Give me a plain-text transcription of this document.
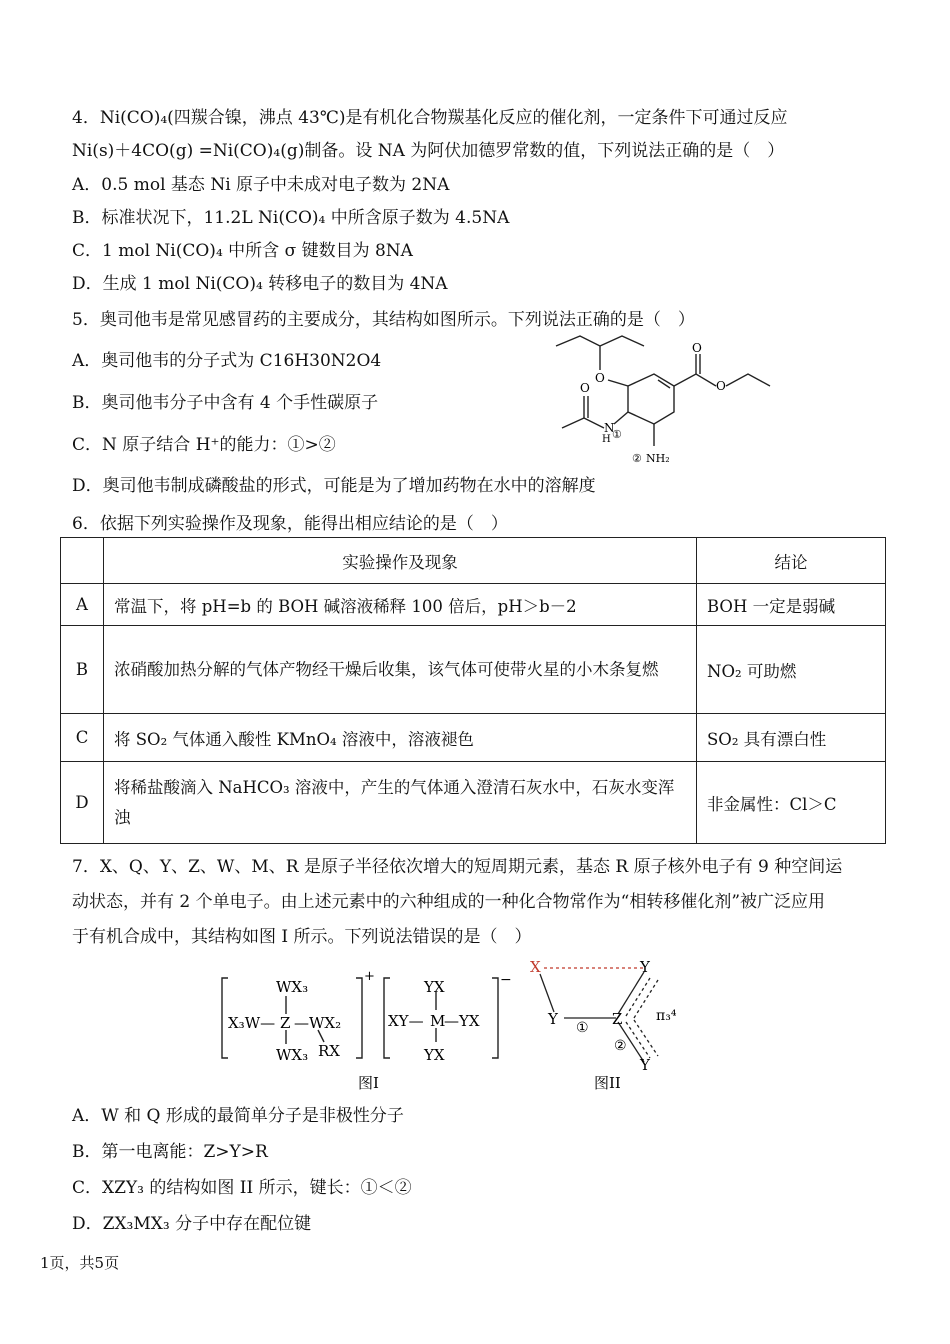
4．Ni(CO)₄(四羰合镍，沸点 43℃)是有机化合物羰基化反应的催化剂，一定条件下可通过反应
Ni(s)＋4CO(g) =Ni(CO)₄(g)制备。设 NA 为阿伏加德罗常数的值，下列说法正确的是（　）
A．0.5 mol 基态 Ni 原子中未成对电子数为 2NA
B．标准状况下，11.2L Ni(CO)₄ 中所含原子数为 4.5NA
C．1 mol Ni(CO)₄ 中所含 σ 键数目为 8NA
D．生成 1 mol Ni(CO)₄ 转移电子的数目为 4NA
5．奥司他韦是常见感冒药的主要成分，其结构如图所示。下列说法正确的是（　）
A．奥司他韦的分子式为 C16H30N2O4
B．奥司他韦分子中含有 4 个手性碳原子
C．N 原子结合 H⁺的能力：①>②
D．奥司他韦制成磷酸盐的形式，可能是为了增加药物在水中的溶解度
O
O
O
O
N
H ①
② NH₂
6．依据下列实验操作及现象，能得出相应结论的是（　）
	实验操作及现象	结论
A	常温下，将 pH=b 的 BOH 碱溶液稀释 100 倍后，pH＞b－2	BOH 一定是弱碱
B	浓硝酸加热分解的气体产物经干燥后收集，该气体可使带火星的小木条复燃	NO₂ 可助燃
C	将 SO₂ 气体通入酸性 KMnO₄ 溶液中，溶液褪色	SO₂ 具有漂白性
D	将稀盐酸滴入 NaHCO₃ 溶液中，产生的气体通入澄清石灰水中，石灰水变浑浊	非金属性：Cl＞C
7．X、Q、Y、Z、W、M、R 是原子半径依次增大的短周期元素，基态 R 原子核外电子有 9 种空间运
动状态，并有 2 个单电子。由上述元素中的六种组成的一种化合物常作为“相转移催化剂”被广泛应用
于有机合成中，其结构如图 I 所示。下列说法错误的是（　）
WX₃
X₃W— Z —WX₂
WX₃ RX
+
YX
XY— M
—YX
YX
−
图I
X	Y
Y	Z
Y
①
②
π₃⁴
图II
A．W 和 Q 形成的最简单分子是非极性分子
B．第一电离能：Z>Y>R
C．XZY₃ 的结构如图 II 所示，键长：①＜②
D．ZX₃MX₃ 分子中存在配位键
1页，共5页
